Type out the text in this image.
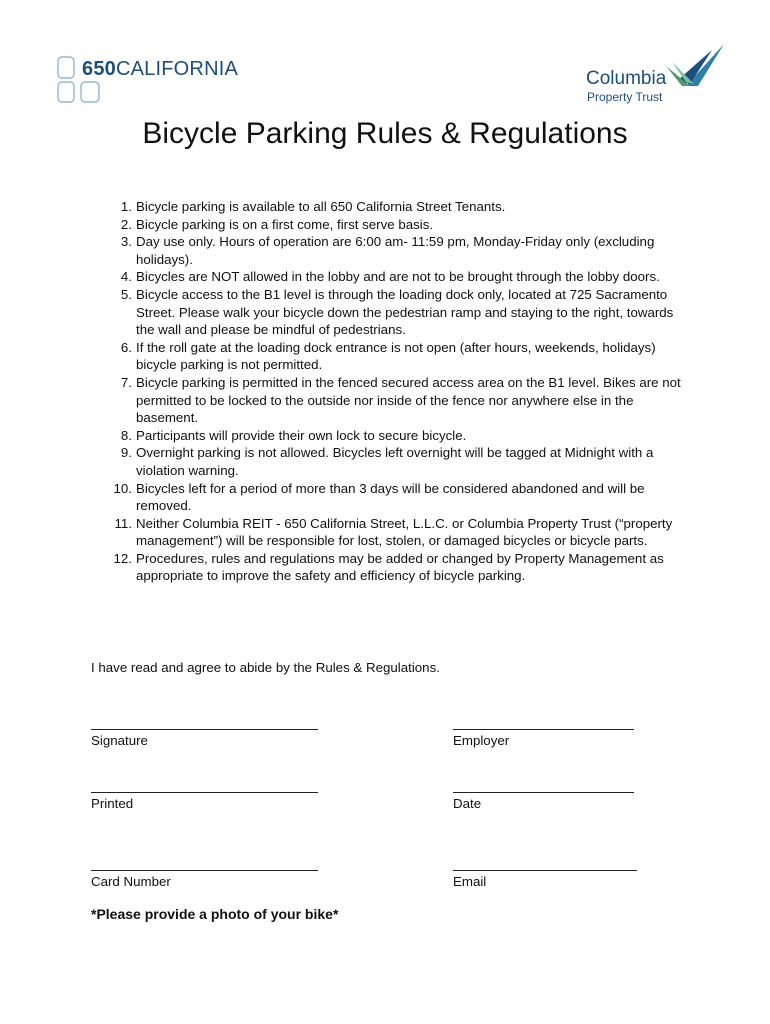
650CALIFORNIA	Columbia
Property Trust
Bicycle Parking Rules & Regulations
1 . Bicycle parking is available to all 650 California Street Tenants.
2 . Bicycle parking is on a first come, first serve basis.
3 . Day use only. Hours of operation are 6:00 am- 11:59 pm, Monday-Friday only (excluding holidays).
4 . Bicycles are NOT allowed in the lobby and are not to be brought through the lobby doors.
5 . Bicycle access to the B1 level is through the loading dock only, located at 725 Sacramento Street. Please walk your bicycle down the pedestrian ramp and staying to the right, towards the wall and please be mindful of pedestrians.
6 . If the roll gate at the loading dock entrance is not open (after hours, weekends, holidays) bicycle parking is not permitted.
7 . Bicycle parking is permitted in the fenced secured access area on the B1 level. Bikes are not permitted to be locked to the outside nor inside of the fence nor anywhere else in the basement.
8 . Participants will provide their own lock to secure bicycle.
9 . Overnight parking is not allowed. Bicycles left overnight will be tagged at Midnight with a violation warning.
10 . Bicycles left for a period of more than 3 days will be considered abandoned and will be removed.
11 . Neither Columbia REIT - 650 California Street, L.L.C. or Columbia Property Trust (“property management”) will be responsible for lost, stolen, or damaged bicycles or bicycle parts.
12 . Procedures, rules and regulations may be added or changed by Property Management as appropriate to improve the safety and efficiency of bicycle parking.

I have read and agree to abide by the Rules & Regulations.

Signature	Employer
Printed	Date
Card Number	Email

*Please provide a photo of your bike*
